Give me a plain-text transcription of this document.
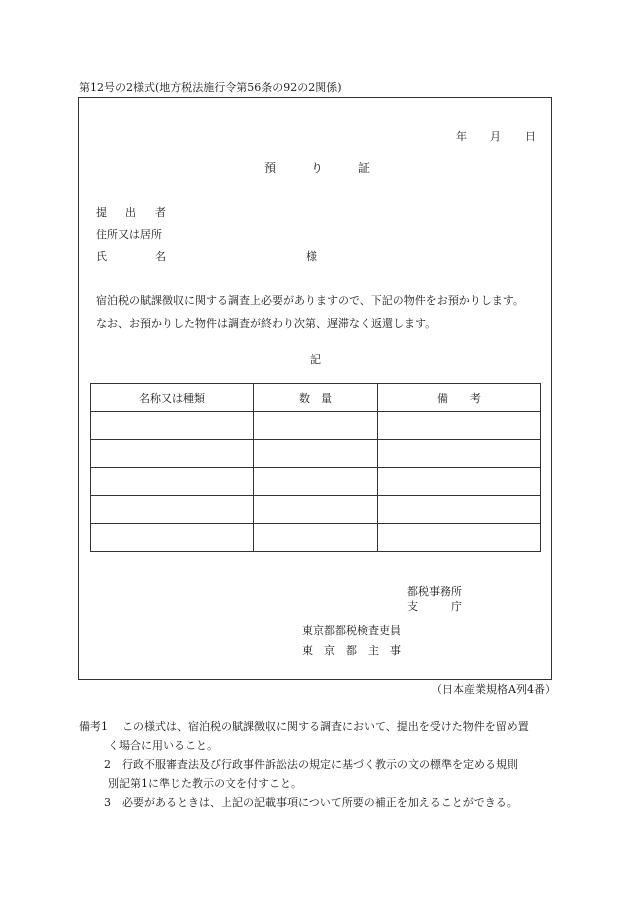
第12号の2様式(地方税法施行令第56条の92の2関係)
年 月 日
預	り	証
提 出 者
住所又は居所
氏	名	様
宿泊税の賦課徴収に関する調査上必要がありますので、下記の物件をお預かりします。
なお、お預かりした物件は調査が終わり次第、遅滞なく返還します。
記
名称又は種類	数　量	備　　考

都税事務所
支	庁
東京都都税検査吏員
東　京　都　主　事
（日本産業規格A列4番）
備考1 この様式は、宿泊税の賦課徴収に関する調査において、提出を受けた物件を留め置
く場合に用いること。
2 行政不服審査法及び行政事件訴訟法の規定に基づく教示の文の標準を定める規則
別記第1に準じた教示の文を付すこと。
3 必要があるときは、上記の記載事項について所要の補正を加えることができる。
